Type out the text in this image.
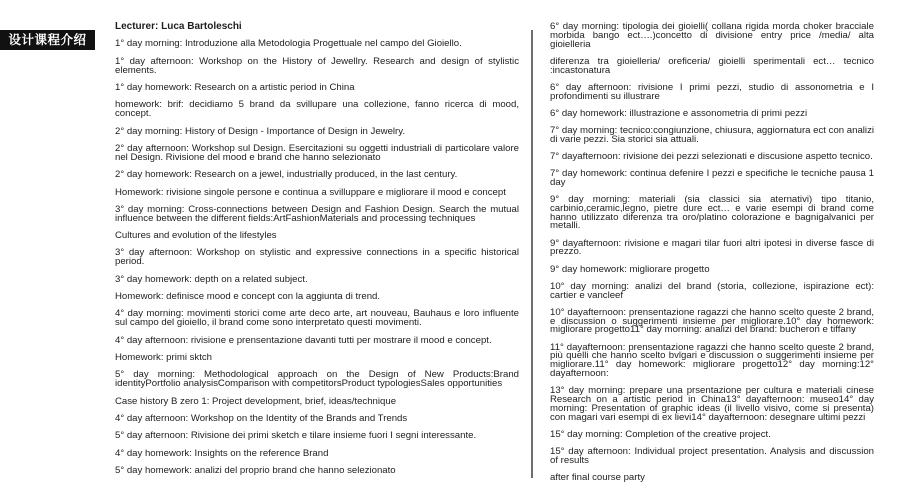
设计课程介绍
Lecturer: Luca Bartoleschi
1° day morning: Introduzione alla Metodologia Progettuale nel campo del Gioiello.
1° day afternoon: Workshop on the History of Jewellry. Research and design of stylistic elements.
1° day homework: Research on a artistic period in China
homework: brif: decidiamo 5 brand da svillupare una collezione, fanno ricerca di mood, concept.
2° day morning: History of Design - Importance of Design in Jewelry.
2° day afternoon: Workshop sul Design. Esercitazioni su oggetti industriali di particolare valore nel Design. Rivisione del mood e brand che hanno selezionato
2° day homework: Research on a jewel, industrially produced, in the last century.
Homework: rivisione singole persone e continua a svilluppare e migliorare il mood e concept
3° day morning: Cross-connections between Design and Fashion Design. Search the mutual influence between the different fields:ArtFashionMaterials and processing techniques
Cultures and evolution of the lifestyles
3° day afternoon: Workshop on stylistic and expressive connections in a specific historical period.
3° day homework: depth on a related subject.
Homework: definisce mood e concept con la aggiunta di trend.
4° day morning: movimenti storici come arte deco arte, art nouveau, Bauhaus e loro influente sul campo del gioiello, il brand come sono interpretato questi movimenti.
4° day afternoon: rivisione e prensentazione davanti tutti per mostrare il mood e concept.
Homework: primi sktch
5° day morning: Methodological approach on the Design of New Products:Brand identityPortfolio analysisComparison with competitorsProduct typologiesSales opportunities
Case history B zero 1: Project development, brief, ideas/technique
4° day afternoon: Workshop on the Identity of the Brands and Trends
5° day afternoon: Rivisione dei primi sketch e tilare insieme fuori I segni interessante.
4° day homework: Insights on the reference Brand
5° day homework: analizi del proprio brand che hanno selezionato
6° day morning: tipologia dei gioielli( collana rigida morda choker bracciale morbida bango ect….)concetto di divisione entry price /media/ alta gioielleria
diferenza tra gioielleria/ oreficeria/ gioielli sperimentali ect… tecnico :incastonatura
6° day afternoon: rivisione I primi pezzi, studio di assonometria e I profondimenti su illustrare
6° day homework: illustrazione e assonometria di primi pezzi
7° day morning: tecnico:congiunzione, chiusura, aggiornatura ect con analizi di varie pezzi. Sia storici sia attuali.
7° dayafternoon: rivisione dei pezzi selezionati e discusione aspetto tecnico.
7° day homework: continua defenire I pezzi e specifiche le tecniche pausa 1 day
9° day morning: materiali (sia classici sia aternativi) tipo titanio, carbinio,ceramic,legno, pietre dure ect… e varie esempi di brand come hanno utilizzato diferenza tra oro/platino colorazione e bagnigalvanici per metalli.
9° dayafternoon: rivisione e magari tilar fuori altri ipotesi in diverse fasce di prezzo.
9° day homework: migliorare progetto
10° day morning: analizi del brand (storia, collezione, ispirazione ect): cartier e vancleef
10° dayafternoon: prensentazione ragazzi che hanno scelto queste 2 brand, e discussion o suggerimenti insieme per migliorare.10° day homework: migliorare progetto11° day morning: analizi del brand: bucheron e tiffany
11° dayafternoon: prensentazione ragazzi che hanno scelto queste 2 brand, più quelli che hanno scelto bvlgari e discussion o suggerimenti insieme per migliorare.11° day homework: migliorare progetto12° day morning:12° dayafternoon:
13° day morning: prepare una prsentazione per cultura e materiali cinese Research on a artistic period in China13° dayafternoon: museo14° day morning: Presentation of graphic ideas (il livello visivo, come si presenta) con magari vari esempi di ex lievi14° dayafternoon: desegnare ultimi pezzi
15° day morning: Completion of the creative project.
15° day afternoon: Individual project presentation. Analysis and discussion of results
after final course party
